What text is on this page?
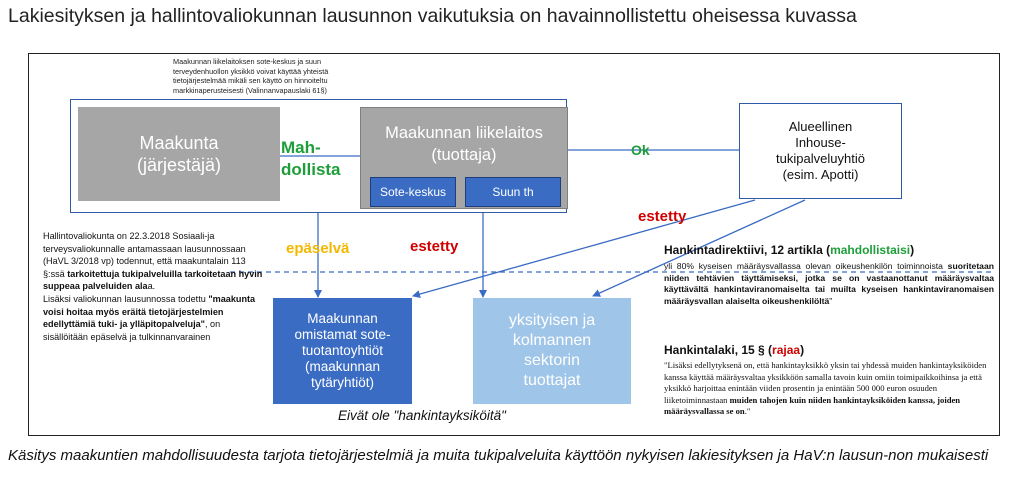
Lakiesityksen ja hallintovaliokunnan lausunnon vaikutuksia on havainnollistettu oheisessa kuvassa
Maakunnan liikelaitoksen sote-keskus ja suun terveydenhuollon yksikkö voivat käyttää yhteistä tietojärjestelmää mikäli sen käyttö on hinnoiteltu markkinaperusteisesti (Valinnanvapauslaki 61§)
Maakunta
(järjestäjä)
Maakunnan liikelaitos
(tuottaja)
Sote-keskus	Suun th
Alueellinen
Inhouse-
tukipalveluyhtiö
(esim. Apotti)
Maakunnan
omistamat sote-
tuotantoyhtiöt
(maakunnan
tytäryhtiöt)
yksityisen ja
kolmannen
sektorin
tuottajat
Mah-
dollista
Ok
estetty
estetty
epäselvä

Hallintovaliokunta on 22.3.2018 Sosiaali-ja terveysvaliokunnalle antamassaan lausunnossaan (HaVL 3/2018 vp) todennut, että maakuntalain 113 §:ssä tarkoitettuja tukipalveluilla tarkoitetaan hyvin suppeaa palveluiden alaa.

Lisäksi valiokunnan lausunnossa todettu "maakunta voisi hoitaa myös eräitä tietojärjestelmien edellyttämiä tuki- ja ylläpitopalveluja", on sisällöitään epäselvä ja tulkinnanvarainen

Hankintadirektiivi, 12 artikla (mahdollistaisi)
yli 80% kyseisen määräysvallassa olevan oikeushenkilön toiminnoista suoritetaan niiden tehtävien täyttämiseksi, jotka se on vastaanottanut määräysvaltaa käyttävältä hankintaviranomaiselta tai muilta kyseisen hankintaviranomaisen määräysvallan alaiselta oikeushenkilöltä"
Hankintalaki, 15 § (rajaa)
"Lisäksi edellytyksenä on, että hankintayksikkö yksin tai yhdessä muiden hankintayksiköiden kanssa käyttää määräysvaltaa yksikköön samalla tavoin kuin omiin toimipaikkoihinsa ja että yksikkö harjoittaa enintään viiden prosentin ja enintään 500 000 euron osuuden liiketoiminnastaan muiden tahojen kuin niiden hankintayksiköiden kanssa, joiden määräysvallassa se on."
Eivät ole "hankintayksiköitä"
Käsitys maakuntien mahdollisuudesta tarjota tietojärjestelmiä ja muita tukipalveluita käyttöön nykyisen lakiesityksen ja HaV:n lausun-non mukaisesti
